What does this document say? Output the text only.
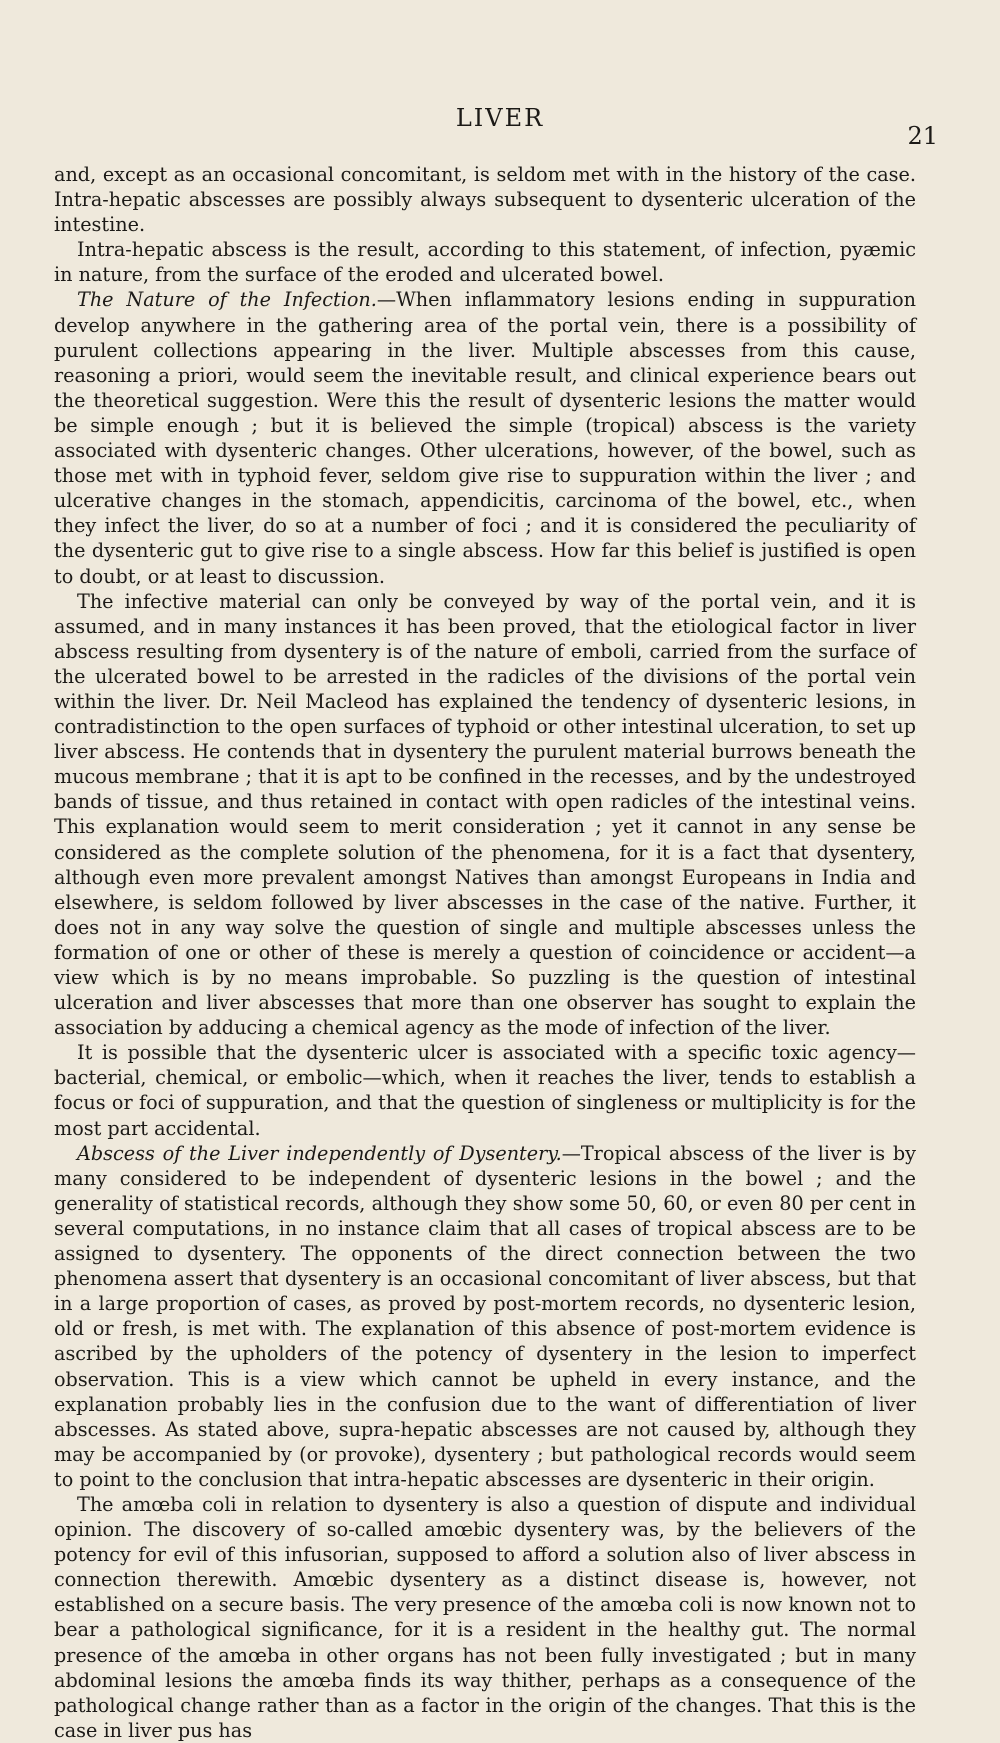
LIVER
21

and, except as an occasional concomitant, is seldom met with in the history of the case. Intra-hepatic abscesses are possibly always subsequent to dysenteric ulceration of the intestine.

Intra-hepatic abscess is the result, according to this statement, of infection, pyæmic in nature, from the surface of the eroded and ulcerated bowel.

The Nature of the Infection.—When inflammatory lesions ending in suppuration develop anywhere in the gathering area of the portal vein, there is a possibility of purulent collections appearing in the liver. Multiple abscesses from this cause, reasoning a priori, would seem the inevitable result, and clinical experience bears out the theoretical suggestion. Were this the result of dysenteric lesions the matter would be simple enough ; but it is believed the simple (tropical) abscess is the variety associated with dysenteric changes. Other ulcerations, however, of the bowel, such as those met with in typhoid fever, seldom give rise to suppuration within the liver ; and ulcerative changes in the stomach, appendicitis, carcinoma of the bowel, etc., when they infect the liver, do so at a number of foci ; and it is considered the peculiarity of the dysenteric gut to give rise to a single abscess. How far this belief is justified is open to doubt, or at least to discussion.

The infective material can only be conveyed by way of the portal vein, and it is assumed, and in many instances it has been proved, that the etiological factor in liver abscess resulting from dysentery is of the nature of emboli, carried from the surface of the ulcerated bowel to be arrested in the radicles of the divisions of the portal vein within the liver. Dr. Neil Macleod has explained the tendency of dysenteric lesions, in contradistinction to the open surfaces of typhoid or other intestinal ulceration, to set up liver abscess. He contends that in dysentery the purulent material burrows beneath the mucous membrane ; that it is apt to be confined in the recesses, and by the undestroyed bands of tissue, and thus retained in contact with open radicles of the intestinal veins. This explanation would seem to merit consideration ; yet it cannot in any sense be considered as the complete solution of the phenomena, for it is a fact that dysentery, although even more prevalent amongst Natives than amongst Europeans in India and elsewhere, is seldom followed by liver abscesses in the case of the native. Further, it does not in any way solve the question of single and multiple abscesses unless the formation of one or other of these is merely a question of coincidence or accident—a view which is by no means improbable. So puzzling is the question of intestinal ulceration and liver abscesses that more than one observer has sought to explain the association by adducing a chemical agency as the mode of infection of the liver.

It is possible that the dysenteric ulcer is associated with a specific toxic agency—bacterial, chemical, or embolic—which, when it reaches the liver, tends to establish a focus or foci of suppuration, and that the question of singleness or multiplicity is for the most part accidental.

Abscess of the Liver independently of Dysentery.—Tropical abscess of the liver is by many considered to be independent of dysenteric lesions in the bowel ; and the generality of statistical records, although they show some 50, 60, or even 80 per cent in several computations, in no instance claim that all cases of tropical abscess are to be assigned to dysentery. The opponents of the direct connection between the two phenomena assert that dysentery is an occasional concomitant of liver abscess, but that in a large proportion of cases, as proved by post-mortem records, no dysenteric lesion, old or fresh, is met with. The explanation of this absence of post-mortem evidence is ascribed by the upholders of the potency of dysentery in the lesion to imperfect observation. This is a view which cannot be upheld in every instance, and the explanation probably lies in the confusion due to the want of differentiation of liver abscesses. As stated above, supra-hepatic abscesses are not caused by, although they may be accompanied by (or provoke), dysentery ; but pathological records would seem to point to the conclusion that intra-hepatic abscesses are dysenteric in their origin.

The amœba coli in relation to dysentery is also a question of dispute and individual opinion. The discovery of so-called amœbic dysentery was, by the believers of the potency for evil of this infusorian, supposed to afford a solution also of liver abscess in connection therewith. Amœbic dysentery as a distinct disease is, however, not established on a secure basis. The very presence of the amœba coli is now known not to bear a pathological significance, for it is a resident in the healthy gut. The normal presence of the amœba in other organs has not been fully investigated ; but in many abdominal lesions the amœba finds its way thither, perhaps as a consequence of the pathological change rather than as a factor in the origin of the changes. That this is the case in liver pus has
